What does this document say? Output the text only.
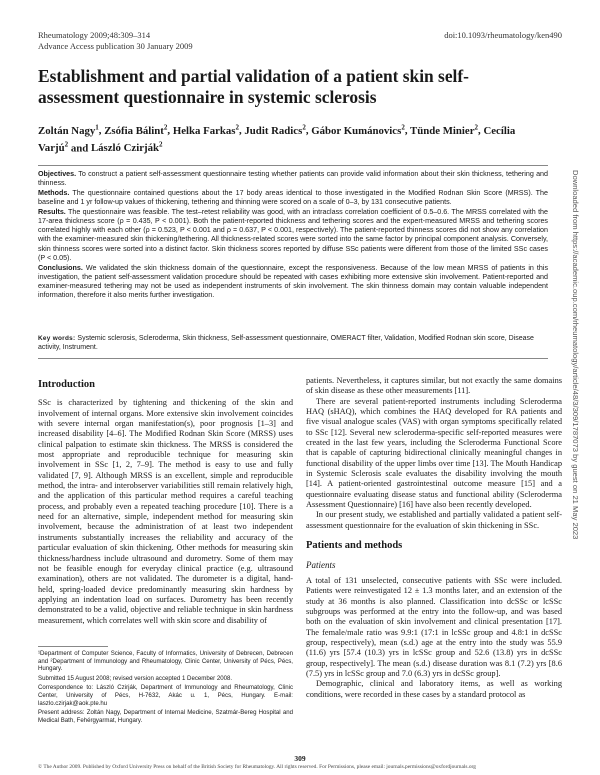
Rheumatology 2009;48:309–314
Advance Access publication 30 January 2009
doi:10.1093/rheumatology/ken490
Establishment and partial validation of a patient skin self-assessment questionnaire in systemic sclerosis
Zoltán Nagy$^1$, Zsófia Bálint$^2$, Helka Farkas$^2$, Judit Radics$^2$, Gábor Kumánovics$^2$, Tünde Minier$^2$, Cecília Varjú$^2$ and László Czirják$^2$

Objectives. To construct a patient self-assessment questionnaire testing whether patients can provide valid information about their skin thickness, tethering and thinness.

Methods. The questionnaire contained questions about the 17 body areas identical to those investigated in the Modified Rodnan Skin Score (MRSS). The baseline and 1 yr follow-up values of thickening, tethering and thinning were scored on a scale of 0–3, by 131 consecutive patients.

Results. The questionnaire was feasible. The test–retest reliability was good, with an intraclass correlation coefficient of 0.5–0.6. The MRSS correlated with the 17-area thickness score (ρ = 0.435, P < 0.001). Both the patient-reported thickness and tethering scores and the expert-measured MRSS and tethering scores correlated highly with each other (ρ = 0.523, P < 0.001 and ρ = 0.637, P < 0.001, respectively). The patient-reported thinness scores did not show any correlation with the examiner-measured skin thickening/tethering. All thickness-related scores were sorted into the same factor by principal component analysis. Conversely, skin thinness scores were sorted into a distinct factor. Skin thickness scores reported by diffuse SSc patients were different from those of the limited SSc cases (P < 0.05).

Conclusions. We validated the skin thickness domain of the questionnaire, except the responsiveness. Because of the low mean MRSS of patients in this investigation, the patient self-assessment validation procedure should be repeated with cases exhibiting more extensive skin involvement. Patient-reported and examiner-measured tethering may not be used as independent instruments of skin involvement. The skin thinness domain may contain valuable independent information, therefore it also merits further investigation.

Key words: Systemic sclerosis, Scleroderma, Skin thickness, Self-assessment questionnaire, OMERACT filter, Validation, Modified Rodnan skin score, Disease activity, Instrument.
Introduction

SSc is characterized by tightening and thickening of the skin and involvement of internal organs. More extensive skin involvement coincides with severe internal organ manifestation(s), poor prognosis [1–3] and increased disability [4–6]. The Modified Rodnan Skin Score (MRSS) uses clinical palpation to estimate skin thickness. The MRSS is considered the most appropriate and reproducible technique for measuring skin involvement in SSc [1, 2, 7–9]. The method is easy to use and fully validated [7, 9]. Although MRSS is an excellent, simple and reproducible method, the intra- and interobserver variabilities still remain relatively high, and the application of this particular method requires a careful teaching process, and probably even a repeated teaching procedure [10]. There is a need for an alternative, simple, independent method for measuring skin involvement, because the administration of at least two independent instruments substantially increases the reliability and accuracy of the particular evaluation of skin thickening. Other methods for measuring skin thickness/hardness include ultrasound and durometry. Some of them may not be feasible enough for everyday clinical practice (e.g. ultrasound examination), others are not validated. The durometer is a digital, hand-held, spring-loaded device predominantly measuring skin hardness by applying an indentation load on surfaces. Durometry has been recently demonstrated to be a valid, objective and reliable technique in skin hardness measurement, which correlates well with skin score and disability of

¹Department of Computer Science, Faculty of Informatics, University of Debrecen, Debrecen and ²Department of Immunology and Rheumatology, Clinic Center, University of Pécs, Pécs, Hungary.

Submitted 15 August 2008; revised version accepted 1 December 2008.

Correspondence to: László Czirják, Department of Immunology and Rheumatology, Clinic Center, University of Pécs, H-7632, Akác u. 1, Pécs, Hungary. E-mail: laszlo.czirjak@aok.pte.hu

Present address: Zoltán Nagy, Department of Internal Medicine, Szatmár-Bereg Hospital and Medical Bath, Fehérgyarmat, Hungary.

patients. Nevertheless, it captures similar, but not exactly the same domains of skin disease as these other measurements [11].

There are several patient-reported instruments including Scleroderma HAQ (sHAQ), which combines the HAQ developed for RA patients and five visual analogue scales (VAS) with organ symptoms specifically related to SSc [12]. Several new scleroderma-specific self-reported measures were created in the last few years, including the Scleroderma Functional Score that is capable of capturing bidirectional clinically meaningful changes in functional disability of the upper limbs over time [13]. The Mouth Handicap in Systemic Sclerosis scale evaluates the disability involving the mouth [14]. A patient-oriented gastrointestinal outcome measure [15] and a questionnaire evaluating disease status and functional ability (Scleroderma Assessment Questionnaire) [16] have also been recently developed.

In our present study, we established and partially validated a patient self-assessment questionnaire for the evaluation of skin thickening in SSc.

Patients and methods
Patients

A total of 131 unselected, consecutive patients with SSc were included. Patients were reinvestigated 12 ± 1.3 months later, and an extension of the study at 36 months is also planned. Classification into dcSSc or lcSSc subgroups was performed at the entry into the follow-up, and was based both on the evaluation of skin involvement and clinical presentation [17]. The female/male ratio was 9.9:1 (17:1 in lcSSc group and 4.8:1 in dcSSc group, respectively), mean (s.d.) age at the entry into the study was 55.9 (11.6) yrs [57.4 (10.3) yrs in lcSSc group and 52.6 (13.8) yrs in dcSSc group, respectively]. The mean (s.d.) disease duration was 8.1 (7.2) yrs [8.6 (7.5) yrs in lcSSc group and 7.0 (6.3) yrs in dcSSc group].

Demographic, clinical and laboratory items, as well as working conditions, were recorded in these cases by a standard protocol as

309
© The Author 2009. Published by Oxford University Press on behalf of the British Society for Rheumatology. All rights reserved. For Permissions, please email: journals.permissions@oxfordjournals.org
Downloaded from https://academic.oup.com/rheumatology/article/48/3/309/1787073 by guest on 21 May 2023
